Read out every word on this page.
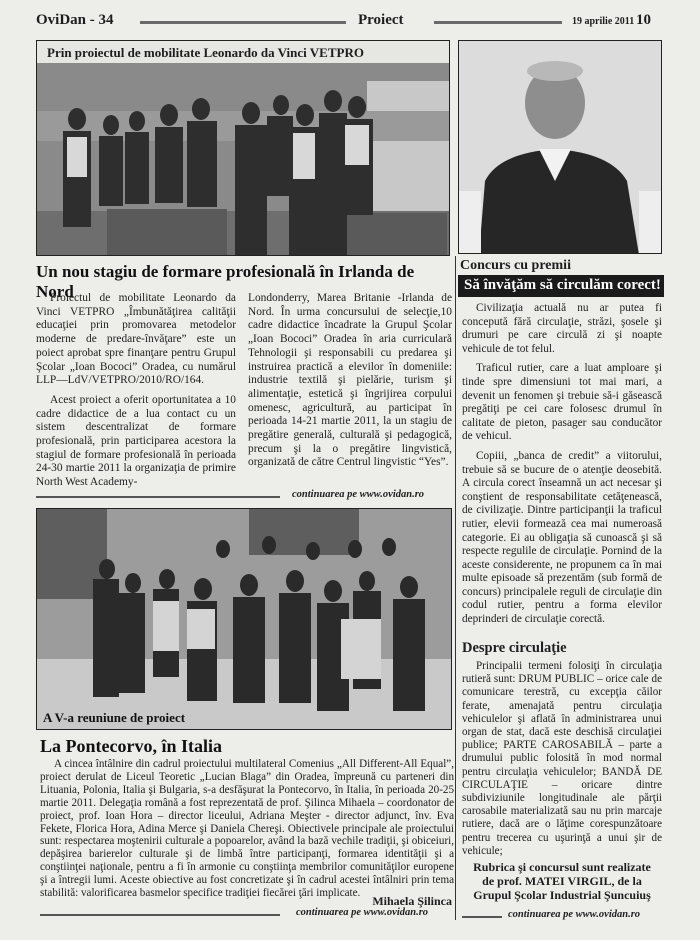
OviDan - 34	Proiect	19 aprilie 2011 10
Prin proiectul de mobilitate Leonardo da Vinci VETPRO
Un nou stagiu de formare profesională în Irlanda de Nord

Proiectul de mobilitate Leonardo da Vinci VETPRO „Îmbunătăţirea calităţii educaţiei prin promovarea metodelor moderne de predare-învăţare” este un poiect aprobat spre finanţare pentru Grupul Şcolar „Ioan Bococi” Oradea, cu numărul LLP—LdV/VETPRO/2010/RO/164.

Acest proiect a oferit oportunitatea a 10 cadre didactice de a lua contact cu un sistem descentralizat de formare profesională, prin participarea acestora la stagiul de formare profesională în perioada 24-30 martie 2011 la organizaţia de primire North West Academy-

Londonderry, Marea Britanie -Irlanda de Nord. În urma concursului de selecţie,10 cadre didactice încadrate la Grupul Şcolar „Ioan Bococi” Oradea în aria curriculară Tehnologii şi responsabili cu predarea şi instruirea practică a elevilor în domeniile: industrie textilă şi pielărie, turism şi alimentaţie, estetică şi îngrijirea corpului omenesc, agricultură, au participat în perioada 14-21 martie 2011, la un stagiu de pregătire generală, culturală şi pedagogică, precum şi la o pregătire lingvistică, organizată de către Centrul lingvistic “Yes”.

continuarea pe www.ovidan.ro
A V-a reuniune de proiect
La Pontecorvo, în Italia

A cincea întâlnire din cadrul proiectului multilateral Comenius „All Different-All Equal”, proiect derulat de Liceul Teoretic „Lucian Blaga” din Oradea, împreună cu parteneri din Lituania, Polonia, Italia şi Bulgaria, s-a desfăşurat la Pontecorvo, în Italia, în perioada 20-25 martie 2011. Delegaţia română a fost reprezentată de prof. Şilinca Mihaela – coordonator de proiect, prof. Ioan Hora – director liceului, Adriana Meşter - director adjunct, înv. Eva Fekete, Florica Hora, Adina Merce şi Daniela Chereşi. Obiectivele principale ale proiectului sunt: respectarea moştenirii culturale a popoarelor, având la bază vechile tradiţii, şi obiceiuri, depăşirea barierelor culturale şi de limbă între participanţi, formarea identităţii şi a conştiinţei naţionale, pentru a fi în armonie cu conştiinţa membrilor comunităţilor europene şi a întregii lumi. Aceste obiective au fost concretizate şi în cadrul acestei întâlniri prin tema stabilită: valorificarea basmelor specifice tradiţiei fiecărei ţări implicate.

Mihaela Şilinca
continuarea pe www.ovidan.ro
Concurs cu premii
Să învăţăm să circulăm corect!

Civilizaţia actuală nu ar putea fi concepută fără circulaţie, străzi, şosele şi drumuri pe care circulă zi şi noapte vehicule de tot felul.

Traficul rutier, care a luat amploare şi tinde spre dimensiuni tot mai mari, a devenit un fenomen şi trebuie să-i găsească pregătiţi pe cei care folosesc drumul în calitate de pieton, pasager sau conducător de vehicul.

Copiii, „banca de credit” a viitorului, trebuie să se bucure de o atenţie deosebită. A circula corect înseamnă un act necesar şi conştient de responsabilitate cetăţenească, de civilizaţie. Dintre participanţii la traficul rutier, elevii formează cea mai numeroasă categorie. Ei au obligaţia să cunoască şi să respecte regulile de circulaţie. Pornind de la aceste considerente, ne propunem ca în mai multe episoade să prezentăm (sub formă de concurs) principalele reguli de circulaţie din codul rutier, pentru a forma elevilor deprinderi de circulaţie corectă.

Despre circulaţie

Principalii termeni folosiţi în circulaţia rutieră sunt: DRUM PUBLIC – orice cale de comunicare terestră, cu excepţia căilor ferate, amenajată pentru circulaţia vehiculelor şi aflată în administrarea unui organ de stat, dacă este deschisă circulaţiei publice; PARTE CAROSABILĂ – parte a drumului public folosită în mod normal pentru circulaţia vehiculelor; BANDĂ DE CIRCULAŢIE – oricare dintre subdiviziunile longitudinale ale părţii carosabile materializată sau nu prin marcaje rutiere, dacă are o lăţime corespunzătoare pentru trecerea cu uşurinţă a unui şir de vehicule;

Rubrica şi concursul sunt realizate
de prof. MATEI VIRGIL, de la
Grupul Şcolar Industrial Şuncuiuş
continuarea pe www.ovidan.ro
